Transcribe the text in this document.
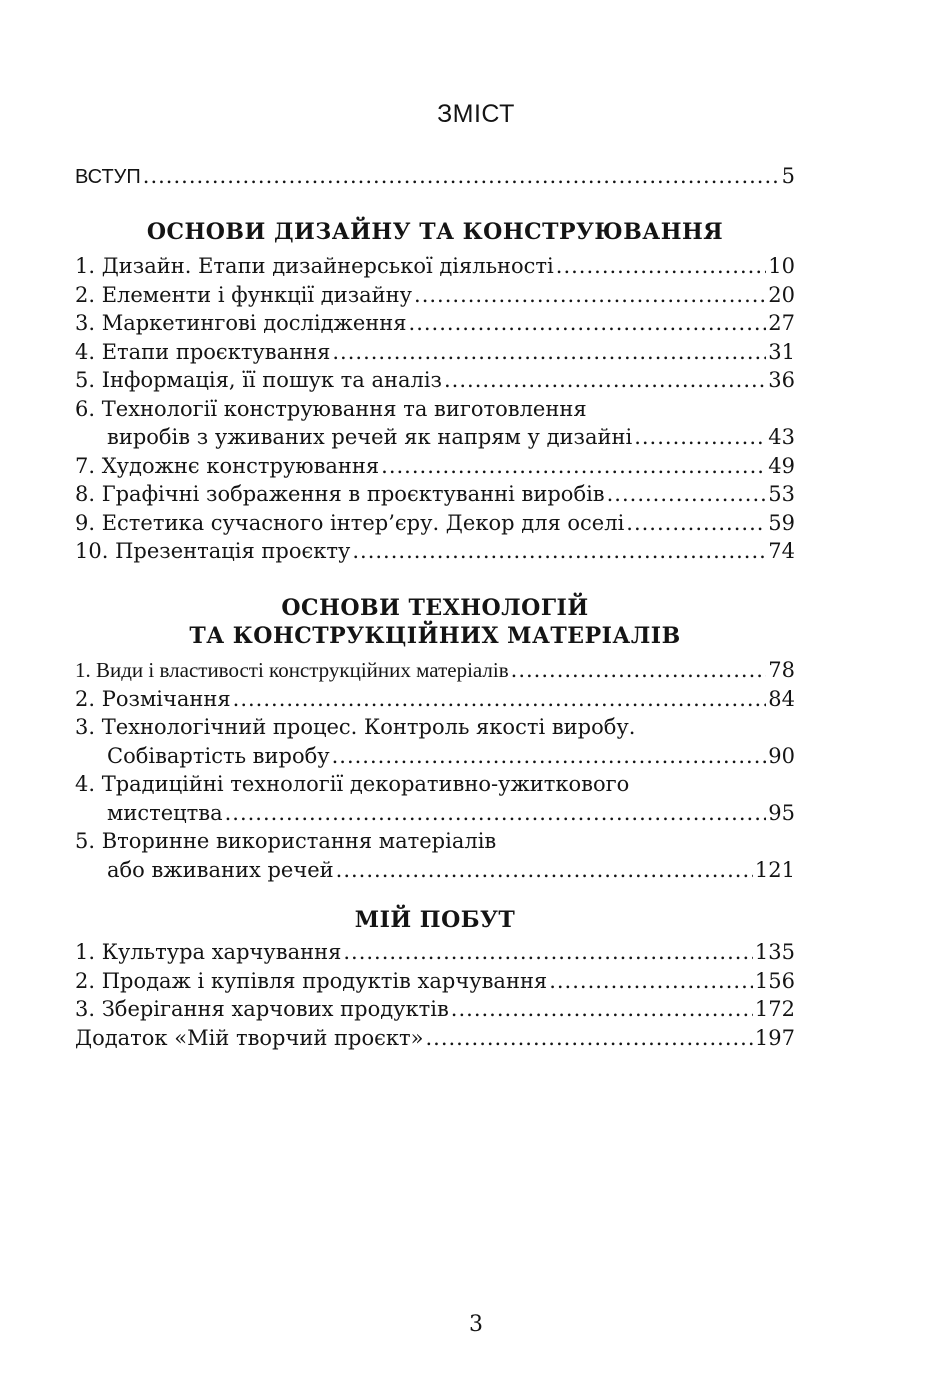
ЗМІСТ
ВСТУП .....	5
ОСНОВИ ДИЗАЙНУ ТА КОНСТРУЮВАННЯ
1. Дизайн. Етапи дизайнерської діяльності .....	10
2. Елементи і функції дизайну .....	20
3. Маркетингові дослідження .....	27
4. Етапи проєктування .....	31
5. Інформація, її пошук та аналіз .....	36
6. Технології конструювання та виготовлення
виробів з уживаних речей як напрям у дизайні .....	43
7. Художнє конструювання .....	49
8. Графічні зображення в проєктуванні виробів .....	53
9. Естетика сучасного інтер’єру. Декор для оселі .....	59
10. Презентація проєкту .....	74
ОСНОВИ ТЕХНОЛОГІЙ
ТА КОНСТРУКЦІЙНИХ МАТЕРІАЛІВ
1. Види і властивості конструкційних матеріалів .....	78
2. Розмічання .....	84
3. Технологічний процес. Контроль якості виробу.
Собівартість виробу .....	90
4. Традиційні технології декоративно-ужиткового
мистецтва .....	95
5. Вторинне використання матеріалів
або вживаних речей .....	121
МІЙ ПОБУТ
1. Культура харчування .....	135
2. Продаж і купівля продуктів харчування .....	156
3. Зберігання харчових продуктів .....	172
Додаток «Мій творчий проєкт» .....	197
3
